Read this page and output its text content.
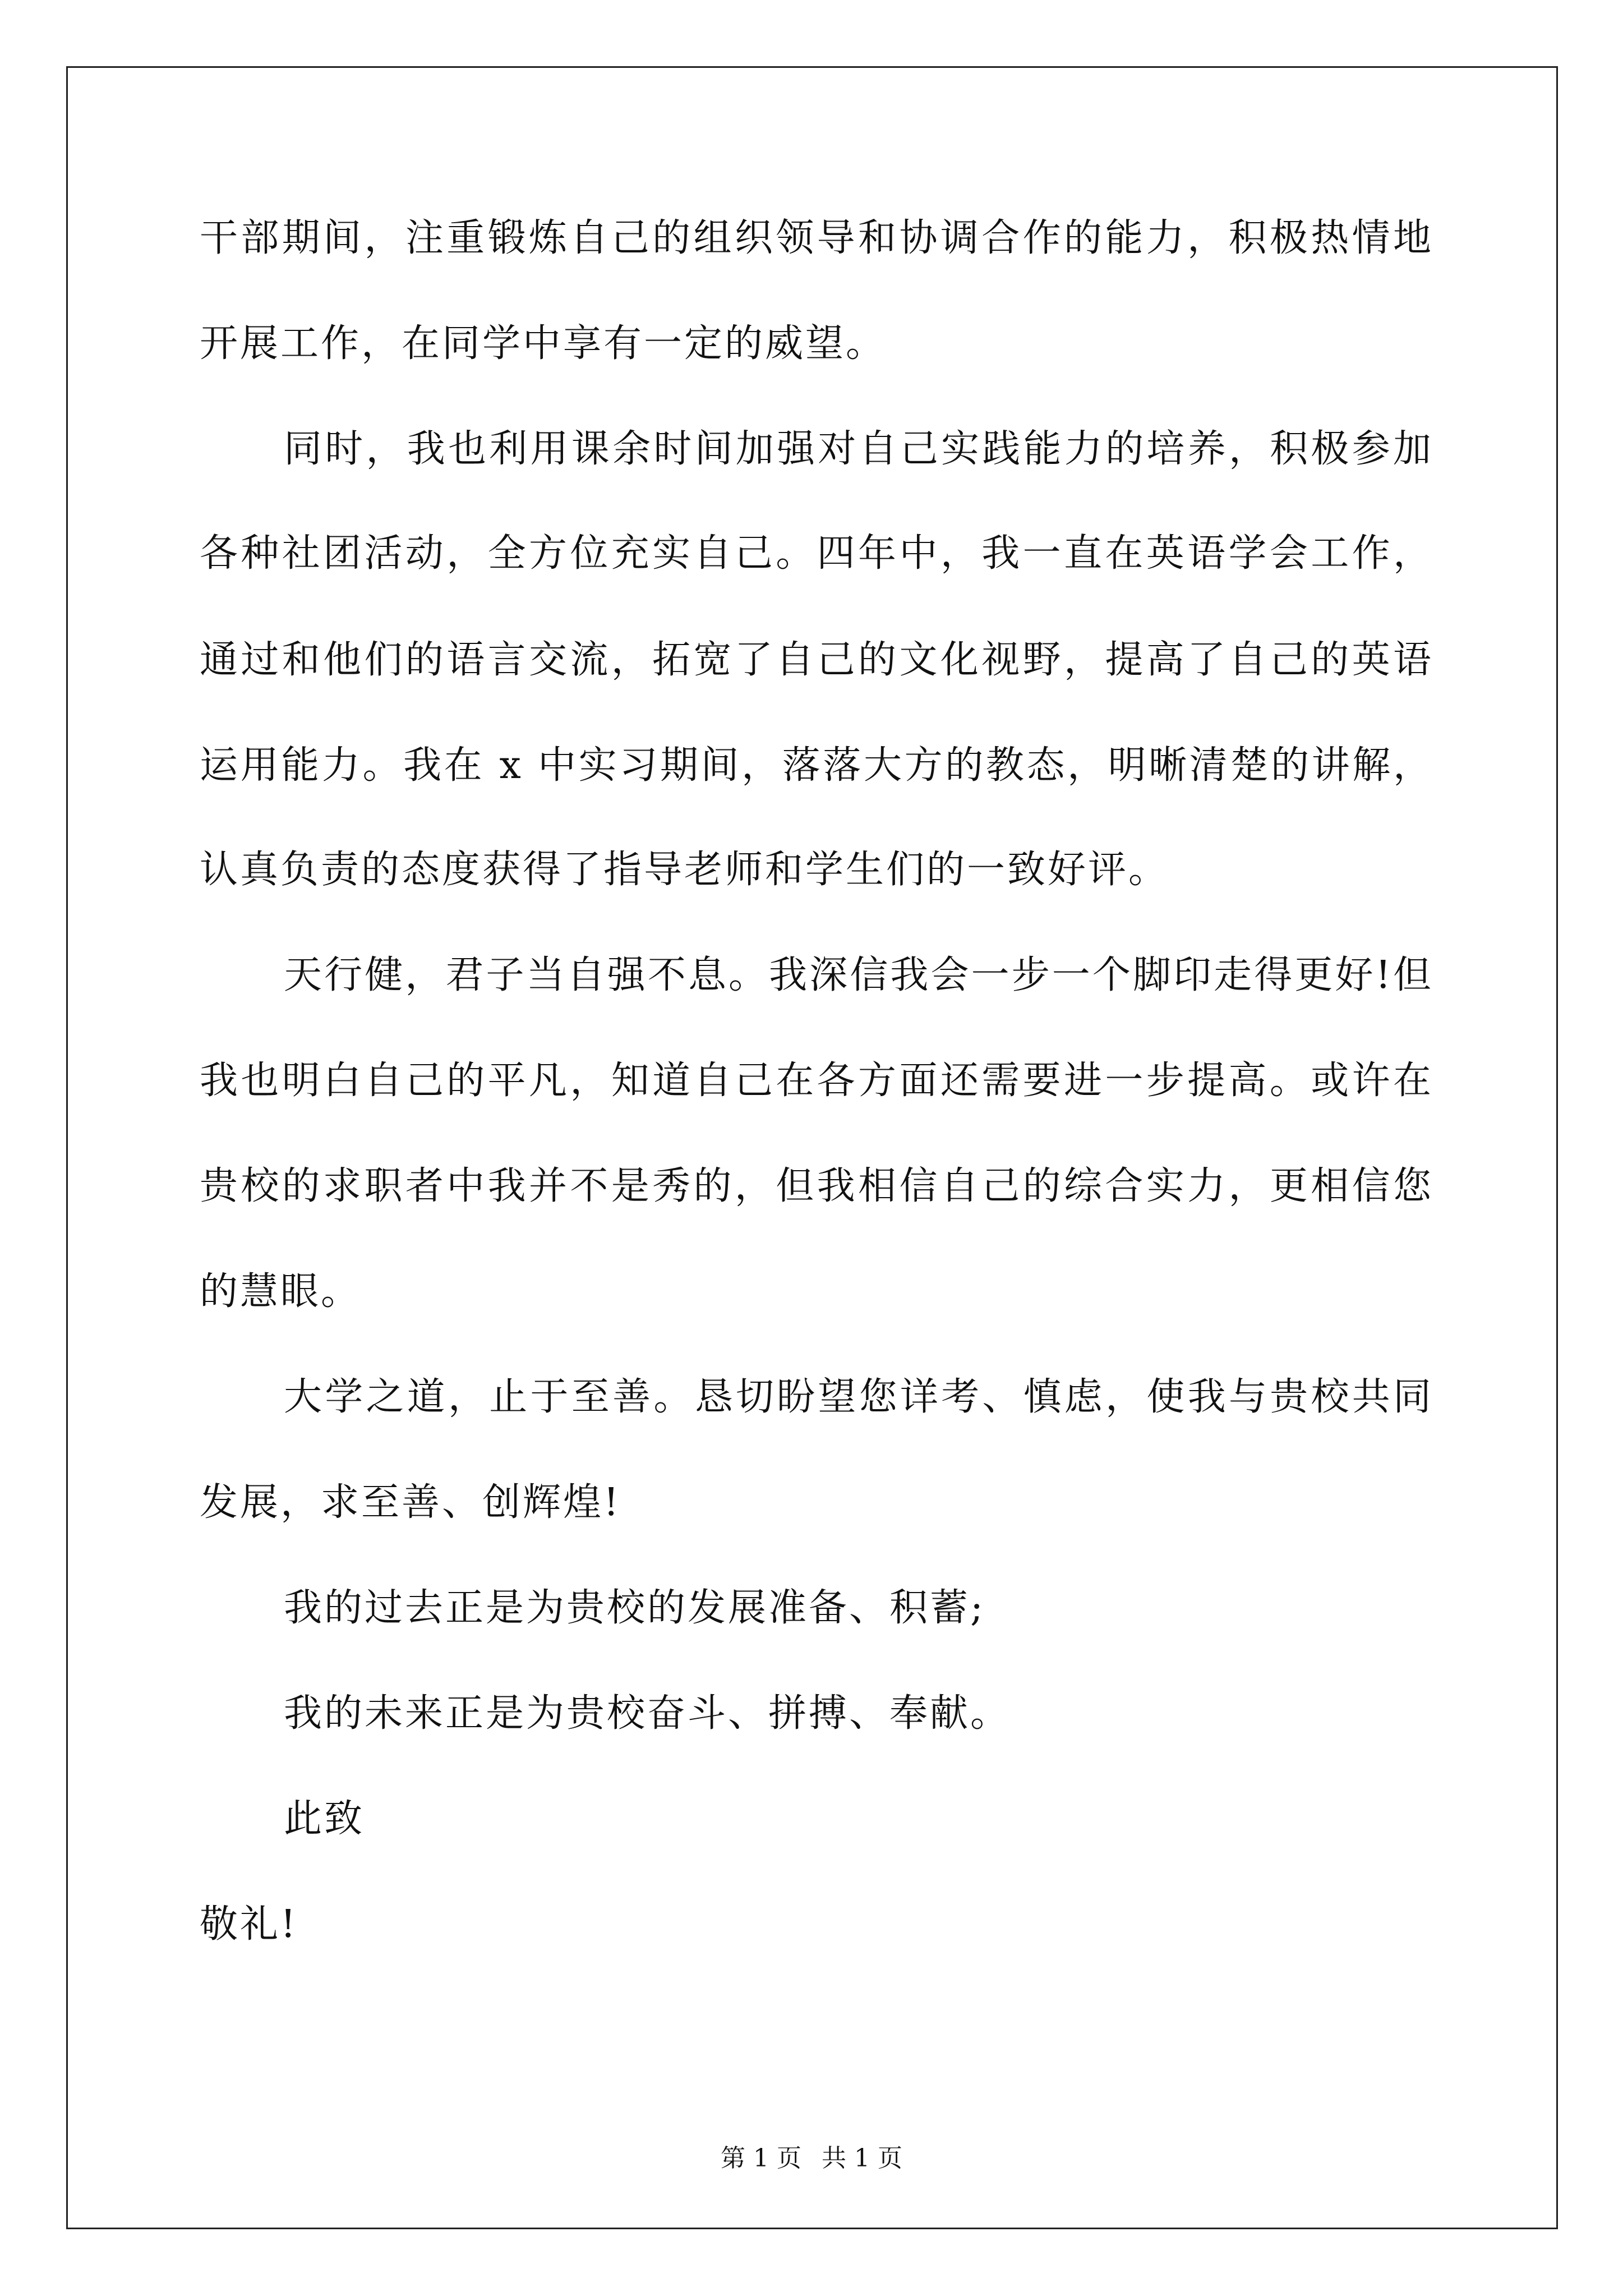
干部期间，注重锻炼自己的组织领导和协调合作的能力，积极热情地
开展工作，在同学中享有一定的威望。
同时，我也利用课余时间加强对自己实践能力的培养，积极参加
各种社团活动，全方位充实自己。四年中，我一直在英语学会工作，
通过和他们的语言交流，拓宽了自己的文化视野，提高了自己的英语
运用能力。我在 x 中实习期间，落落大方的教态，明晰清楚的讲解，
认真负责的态度获得了指导老师和学生们的一致好评。
天行健，君子当自强不息。我深信我会一步一个脚印走得更好!但
我也明白自己的平凡，知道自己在各方面还需要进一步提高。或许在
贵校的求职者中我并不是秀的，但我相信自己的综合实力，更相信您
的慧眼。
大学之道，止于至善。恳切盼望您详考、慎虑，使我与贵校共同
发展，求至善、创辉煌!
我的过去正是为贵校的发展准备、积蓄;
我的未来正是为贵校奋斗、拼搏、奉献。
此致
敬礼!
第 1 页 共 1 页
